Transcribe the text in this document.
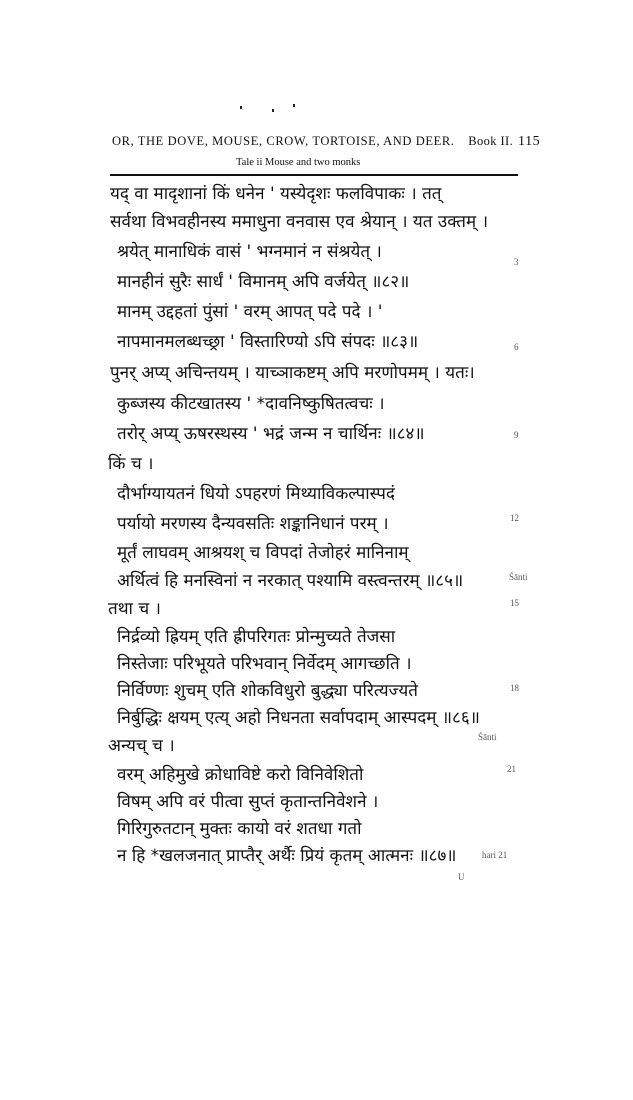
OR, THE DOVE, MOUSE, CROW, TORTOISE, AND DEER. Book II. 115
Tale ii Mouse and two monks
यद् वा मादृशानां किं धनेन ' यस्येदृशः फलविपाकः । तत्
सर्वथा विभवहीनस्य ममाधुना वनवास एव श्रेयान् । यत उक्तम् ।
श्रयेत् मानाधिकं वासं ' भग्नमानं न संश्रयेत् ।
मानहीनं सुरैः सार्धं ' विमानम् अपि वर्जयेत् ॥८२॥
मानम् उद्दहतां पुंसां ' वरम् आपत् पदे पदे । '
नापमानमलब्धच्छ्रा ' विस्तारिण्यो ऽपि संपदः ॥८३॥
पुनर् अप्य् अचिन्तयम् । याच्ञाकष्टम् अपि मरणोपमम् । यतः।
कुब्जस्य कीटखातस्य ' *दावनिष्कुषितत्वचः ।
तरोर् अप्य् ऊषरस्थस्य ' भद्रं जन्म न चार्थिनः ॥८४॥
किं च ।
दौर्भाग्यायतनं धियो ऽपहरणं मिथ्याविकल्पास्पदं
पर्यायो मरणस्य दैन्यवसतिः शङ्कानिधानं परम् ।
मूर्तं लाघवम् आश्रयश् च विपदां तेजोहरं मानिनाम्
अर्थित्वं हि मनस्विनां न नरकात् पश्यामि वस्त्वन्तरम् ॥८५॥
तथा च ।
निर्द्रव्यो ह्रियम् एति ह्रीपरिगतः प्रोन्मुच्यते तेजसा
निस्तेजाः परिभूयते परिभवान् निर्वेदम् आगच्छति ।
निर्विण्णः शुचम् एति शोकविधुरो बुद्ध्या परित्यज्यते
निर्बुद्धिः क्षयम् एत्य् अहो निधनता सर्वापदाम् आस्पदम् ॥८६॥
अन्यच् च ।
वरम् अहिमुखे क्रोधाविष्टे करो विनिवेशितो
विषम् अपि वरं पीत्वा सुप्तं कृतान्तनिवेशने ।
गिरिगुरुतटान् मुक्तः कायो वरं शतधा गतो
न हि *खलजनात् प्राप्तैर् अर्थैः प्रियं कृतम् आत्मनः ॥८७॥
3
6
9
12
Śānti
15
18
Śānti
21
hari 21
U
